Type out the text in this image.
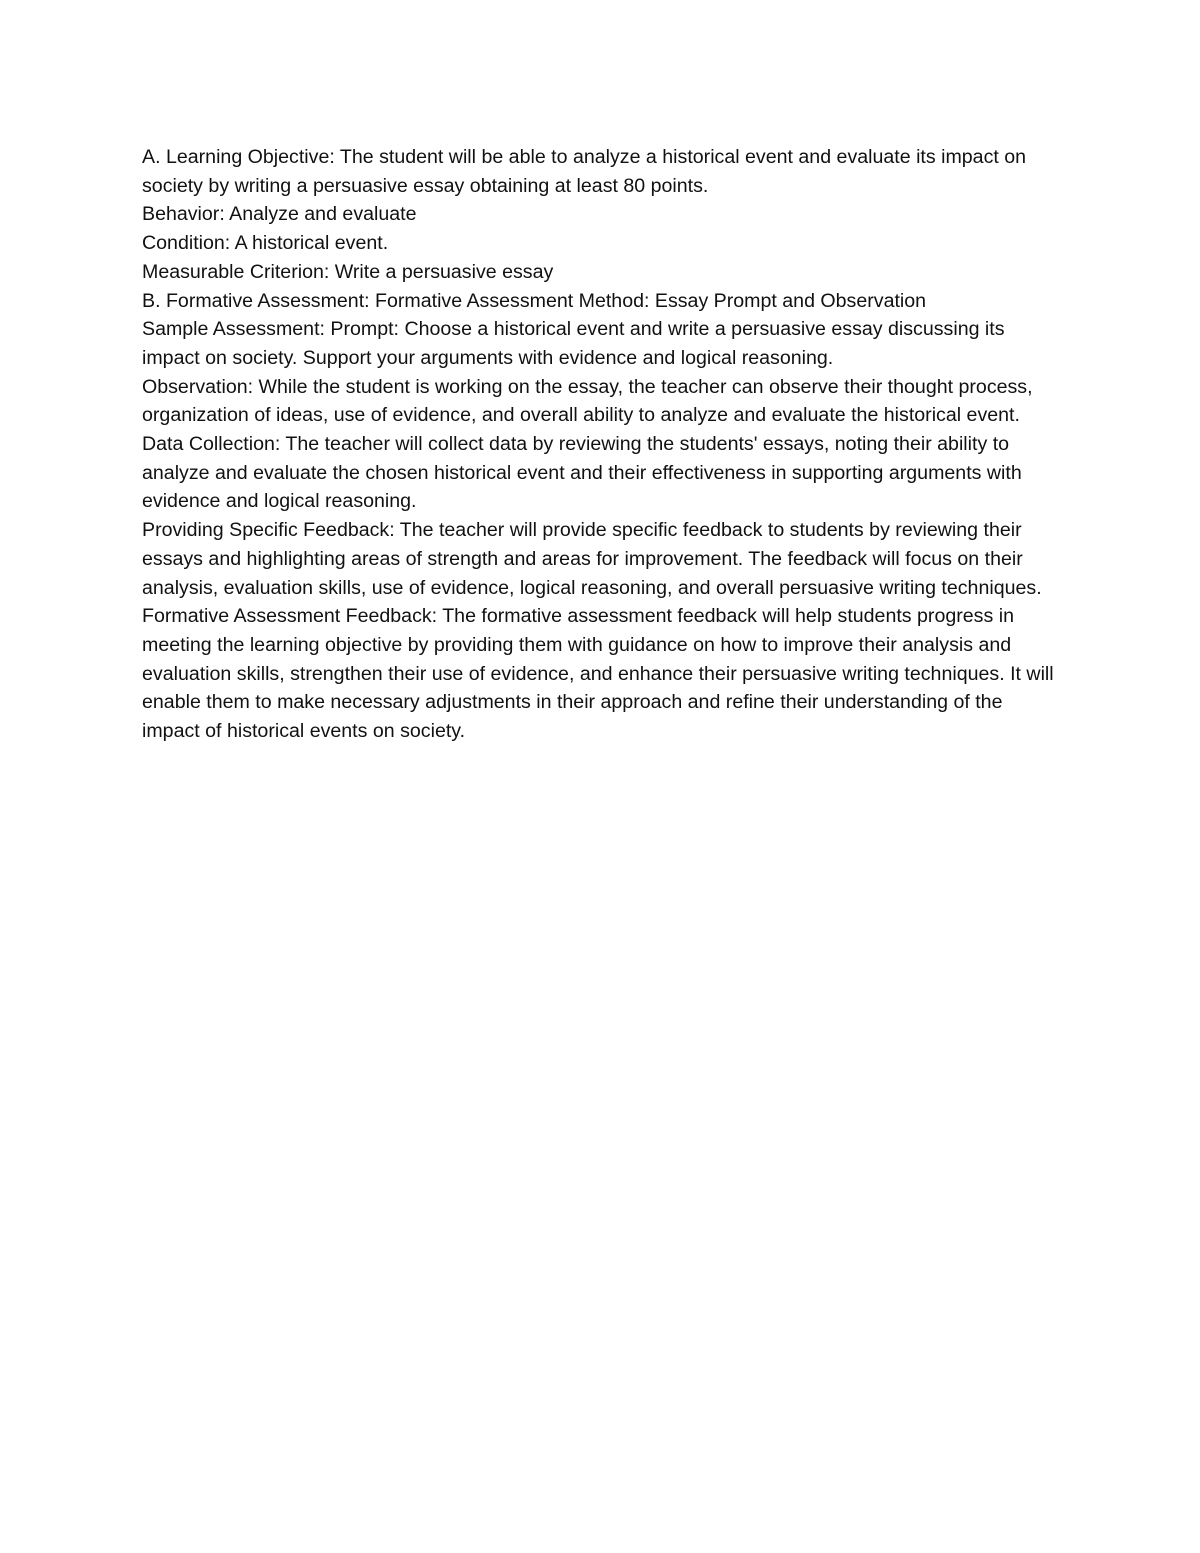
A. Learning Objective: The student will be able to analyze a historical event and evaluate its impact on society by writing a persuasive essay obtaining at least 80 points.

Behavior: Analyze and evaluate

Condition: A historical event.

Measurable Criterion: Write a persuasive essay

B. Formative Assessment: Formative Assessment Method: Essay Prompt and Observation

Sample Assessment: Prompt: Choose a historical event and write a persuasive essay discussing its impact on society. Support your arguments with evidence and logical reasoning.

Observation: While the student is working on the essay, the teacher can observe their thought process, organization of ideas, use of evidence, and overall ability to analyze and evaluate the historical event.

Data Collection: The teacher will collect data by reviewing the students' essays, noting their ability to analyze and evaluate the chosen historical event and their effectiveness in supporting arguments with evidence and logical reasoning.

Providing Specific Feedback: The teacher will provide specific feedback to students by reviewing their essays and highlighting areas of strength and areas for improvement. The feedback will focus on their analysis, evaluation skills, use of evidence, logical reasoning, and overall persuasive writing techniques.

Formative Assessment Feedback: The formative assessment feedback will help students progress in meeting the learning objective by providing them with guidance on how to improve their analysis and evaluation skills, strengthen their use of evidence, and enhance their persuasive writing techniques. It will enable them to make necessary adjustments in their approach and refine their understanding of the impact of historical events on society.
